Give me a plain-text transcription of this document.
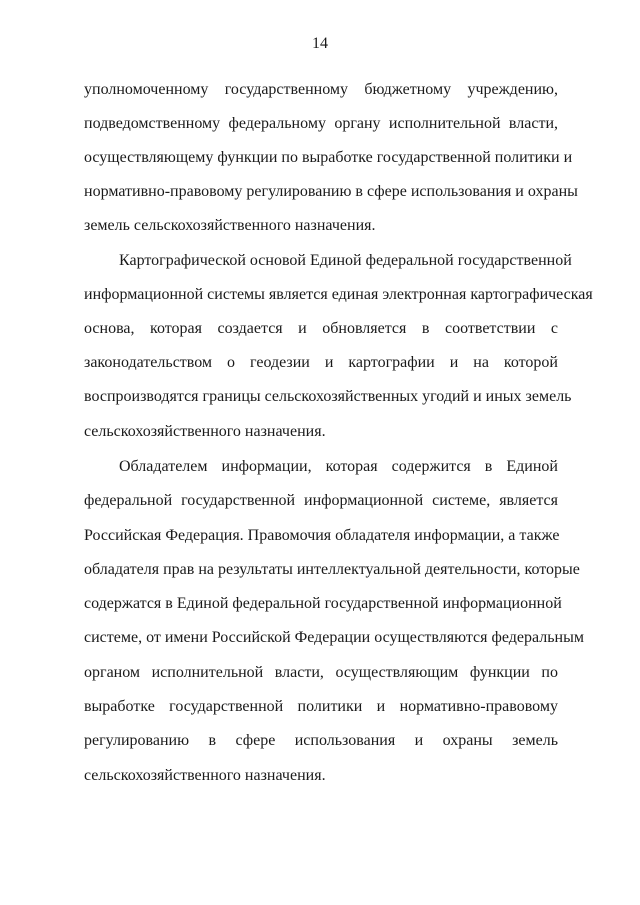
14
уполномоченному государственному бюджетному учреждению,
подведомственному федеральному органу исполнительной власти,
осуществляющему функции по выработке государственной политики и
нормативно-правовому регулированию в сфере использования и охраны
земель сельскохозяйственного назначения.
Картографической основой Единой федеральной государственной
информационной системы является единая электронная картографическая
основа, которая создается и обновляется в соответствии с
законодательством о геодезии и картографии и на которой
воспроизводятся границы сельскохозяйственных угодий и иных земель
сельскохозяйственного назначения.
Обладателем информации, которая содержится в Единой
федеральной государственной информационной системе, является
Российская Федерация. Правомочия обладателя информации, а также
обладателя прав на результаты интеллектуальной деятельности, которые
содержатся в Единой федеральной государственной информационной
системе, от имени Российской Федерации осуществляются федеральным
органом исполнительной власти, осуществляющим функции по
выработке государственной политики и нормативно-правовому
регулированию в сфере использования и охраны земель
сельскохозяйственного назначения.
